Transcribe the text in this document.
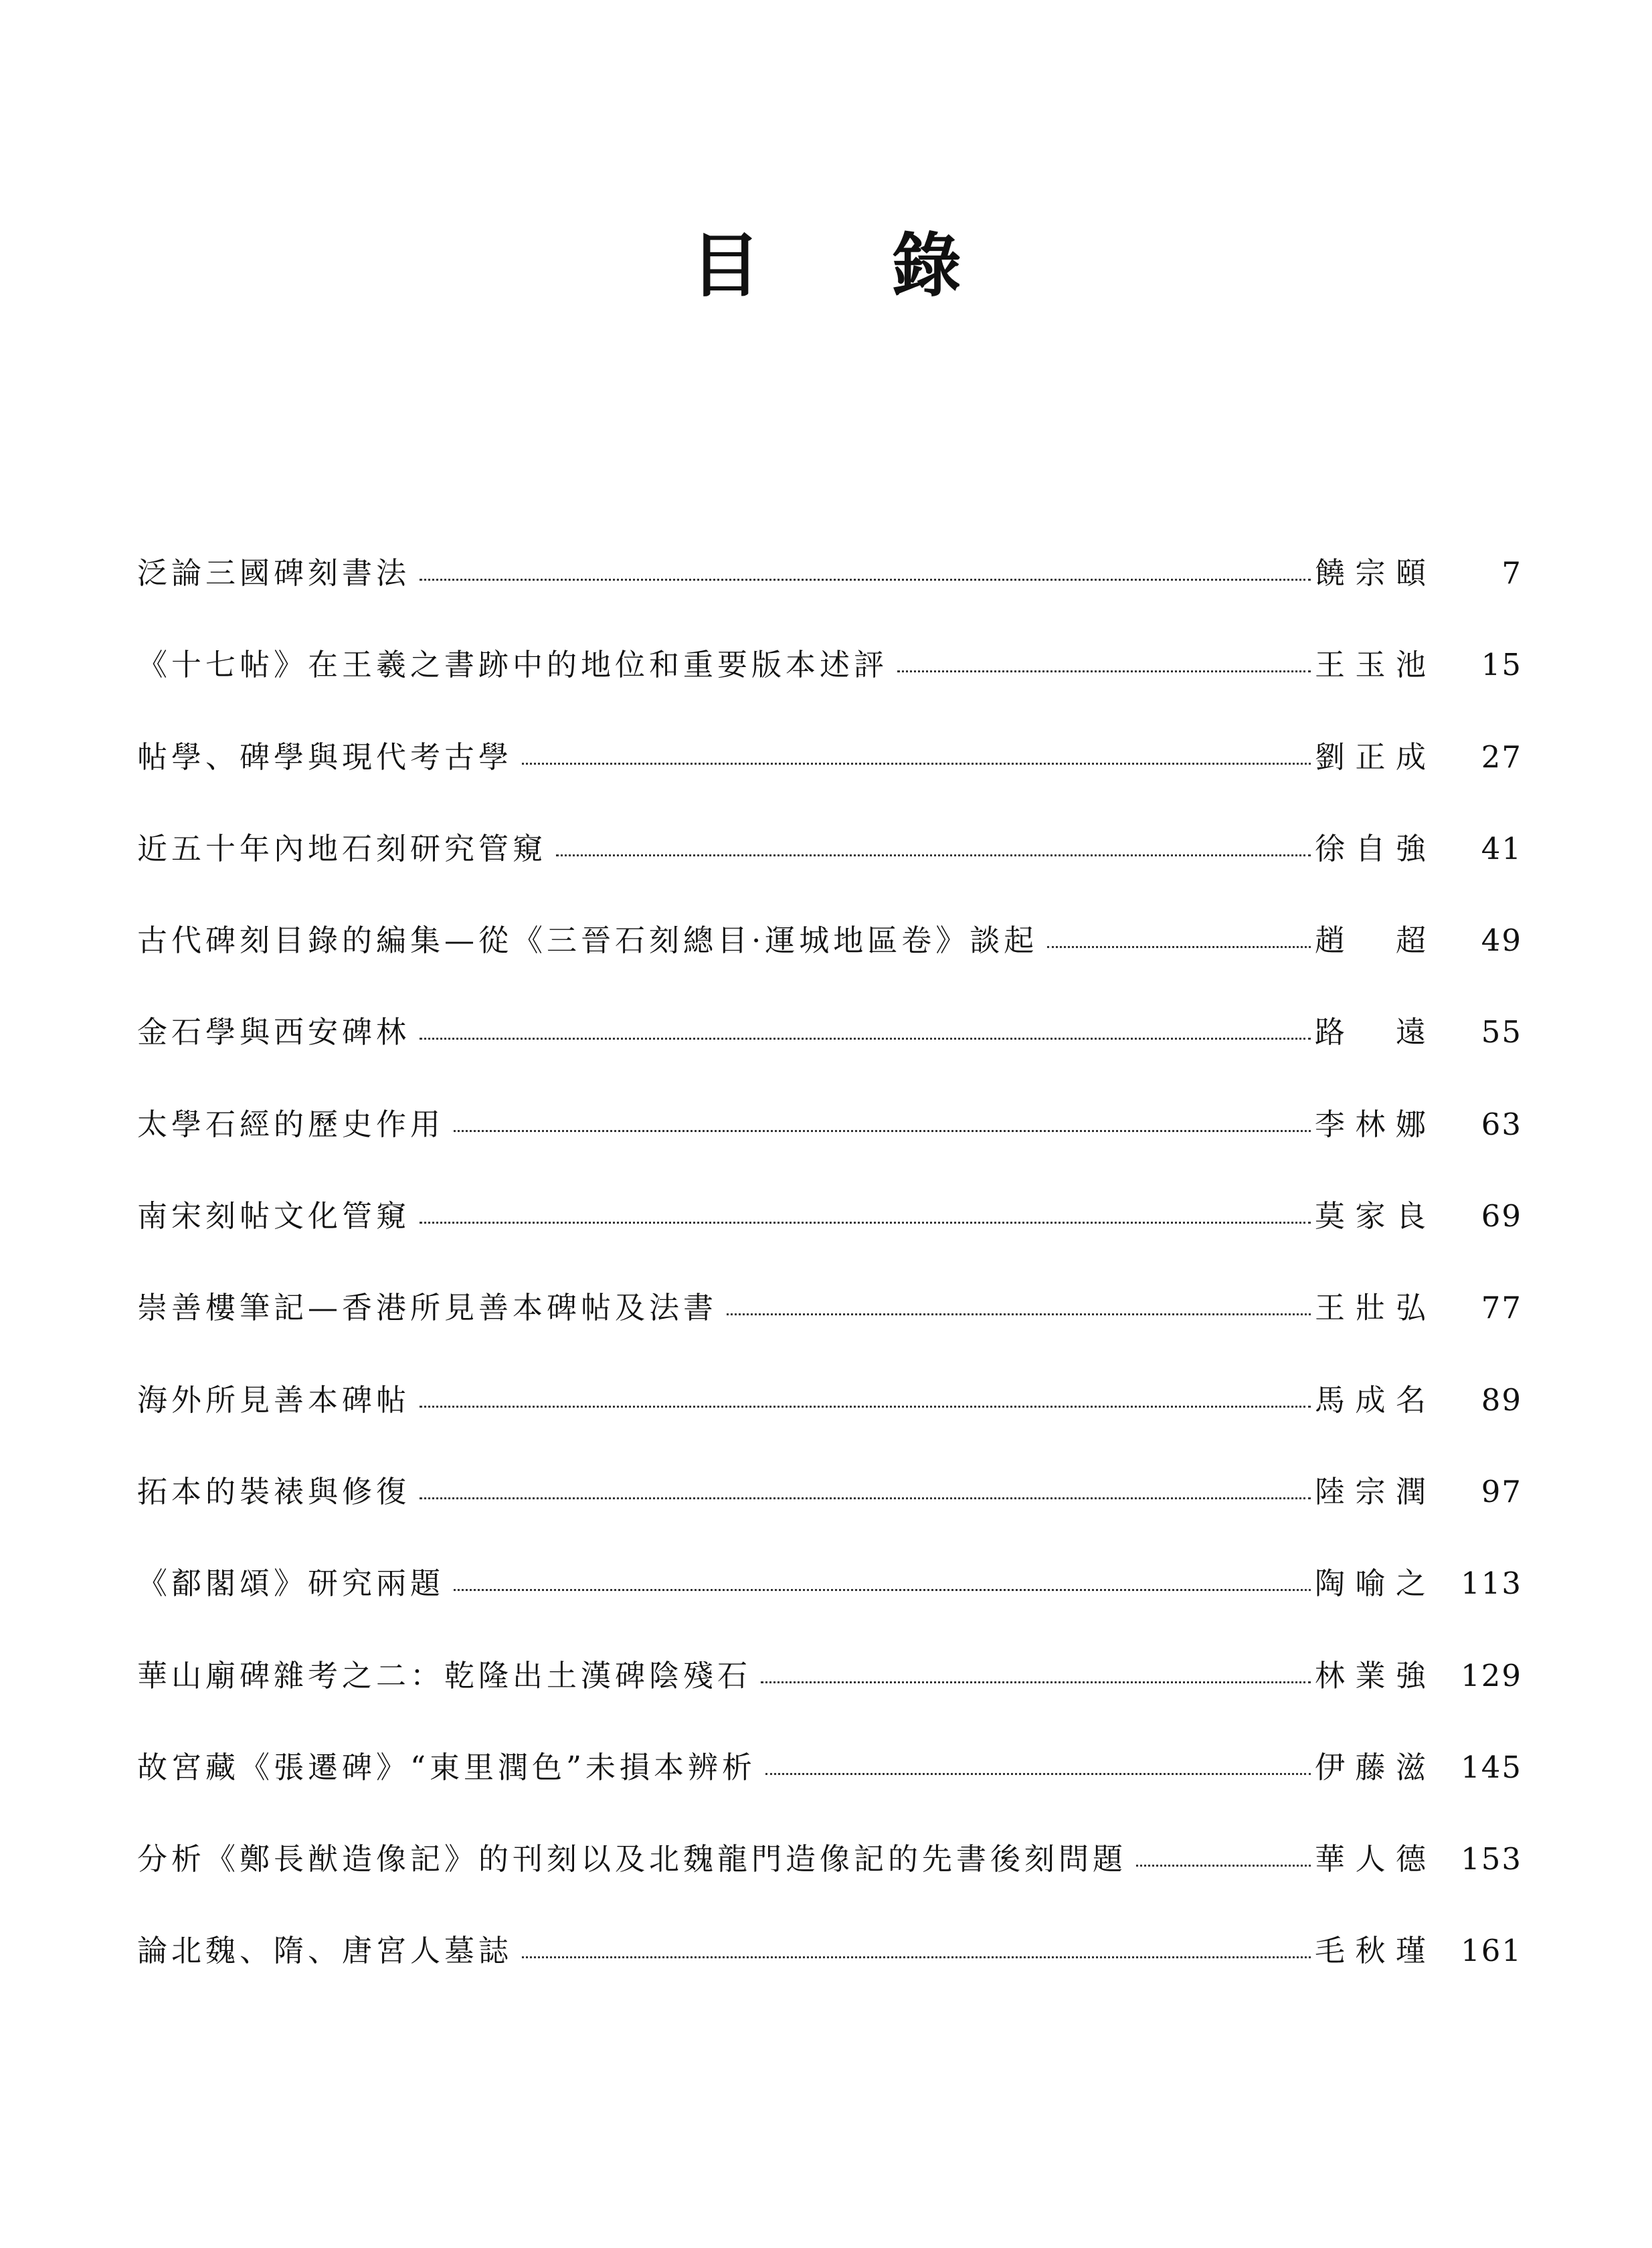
目 錄
泛論三國碑刻書法	饒宗頤	7
《十七帖》在王羲之書跡中的地位和重要版本述評	王玉池	15
帖學、碑學與現代考古學	劉正成	27
近五十年內地石刻研究管窺	徐自強	41
古代碑刻目錄的編集—從《三晉石刻總目·運城地區卷》談起	趙 超	49
金石學與西安碑林	路 遠	55
太學石經的歷史作用	李林娜	63
南宋刻帖文化管窺	莫家良	69
崇善樓筆記—香港所見善本碑帖及法書	王壯弘	77
海外所見善本碑帖	馬成名	89
拓本的裝裱與修復	陸宗潤	97
《鄐閣頌》研究兩題	陶喻之	113
華山廟碑雜考之二：乾隆出土漢碑陰殘石	林業強	129
故宮藏《張遷碑》“東里潤色”未損本辨析	伊藤滋	145
分析《鄭長猷造像記》的刊刻以及北魏龍門造像記的先書後刻問題	華人德	153
論北魏、隋、唐宮人墓誌	毛秋瑾	161
